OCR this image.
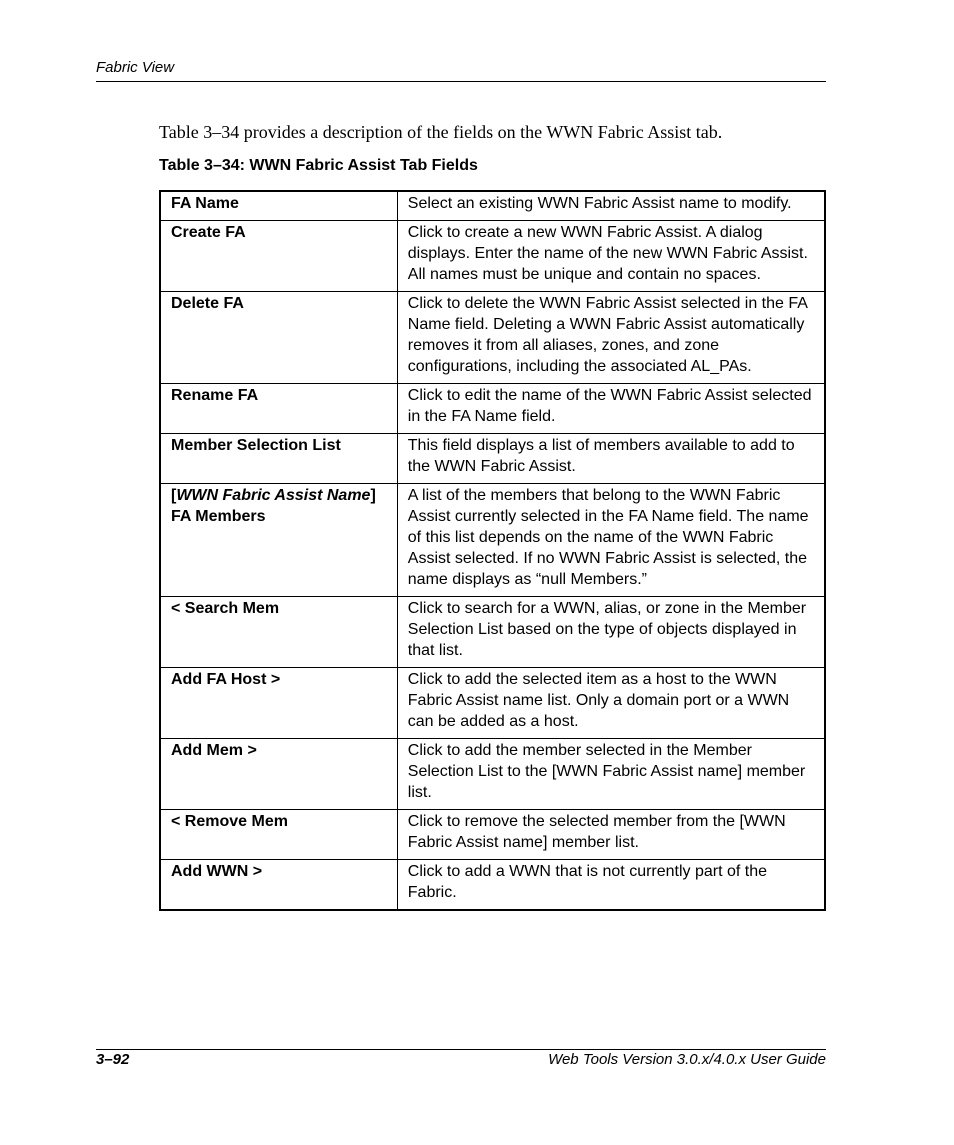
Fabric View
Table 3–34 provides a description of the fields on the WWN Fabric Assist tab.
Table 3–34: WWN Fabric Assist Tab Fields
FA Name	Select an existing WWN Fabric Assist name to modify.
Create FA	Click to create a new WWN Fabric Assist. A dialog displays. Enter the name of the new WWN Fabric Assist. All names must be unique and contain no spaces.
Delete FA	Click to delete the WWN Fabric Assist selected in the FA Name field. Deleting a WWN Fabric Assist automatically removes it from all aliases, zones, and zone configurations, including the associated AL_PAs.
Rename FA	Click to edit the name of the WWN Fabric Assist selected in the FA Name field.
Member Selection List	This field displays a list of members available to add to the WWN Fabric Assist.
[WWN Fabric Assist Name] FA Members	A list of the members that belong to the WWN Fabric Assist currently selected in the FA Name field. The name of this list depends on the name of the WWN Fabric Assist selected. If no WWN Fabric Assist is selected, the name displays as “null Members.”
< Search Mem	Click to search for a WWN, alias, or zone in the Member Selection List based on the type of objects displayed in that list.
Add FA Host >	Click to add the selected item as a host to the WWN Fabric Assist name list. Only a domain port or a WWN can be added as a host.
Add Mem >	Click to add the member selected in the Member Selection List to the [WWN Fabric Assist name] member list.
< Remove Mem	Click to remove the selected member from the [WWN Fabric Assist name] member list.
Add WWN >	Click to add a WWN that is not currently part of the Fabric.
3–92	Web Tools Version 3.0.x/4.0.x User Guide
